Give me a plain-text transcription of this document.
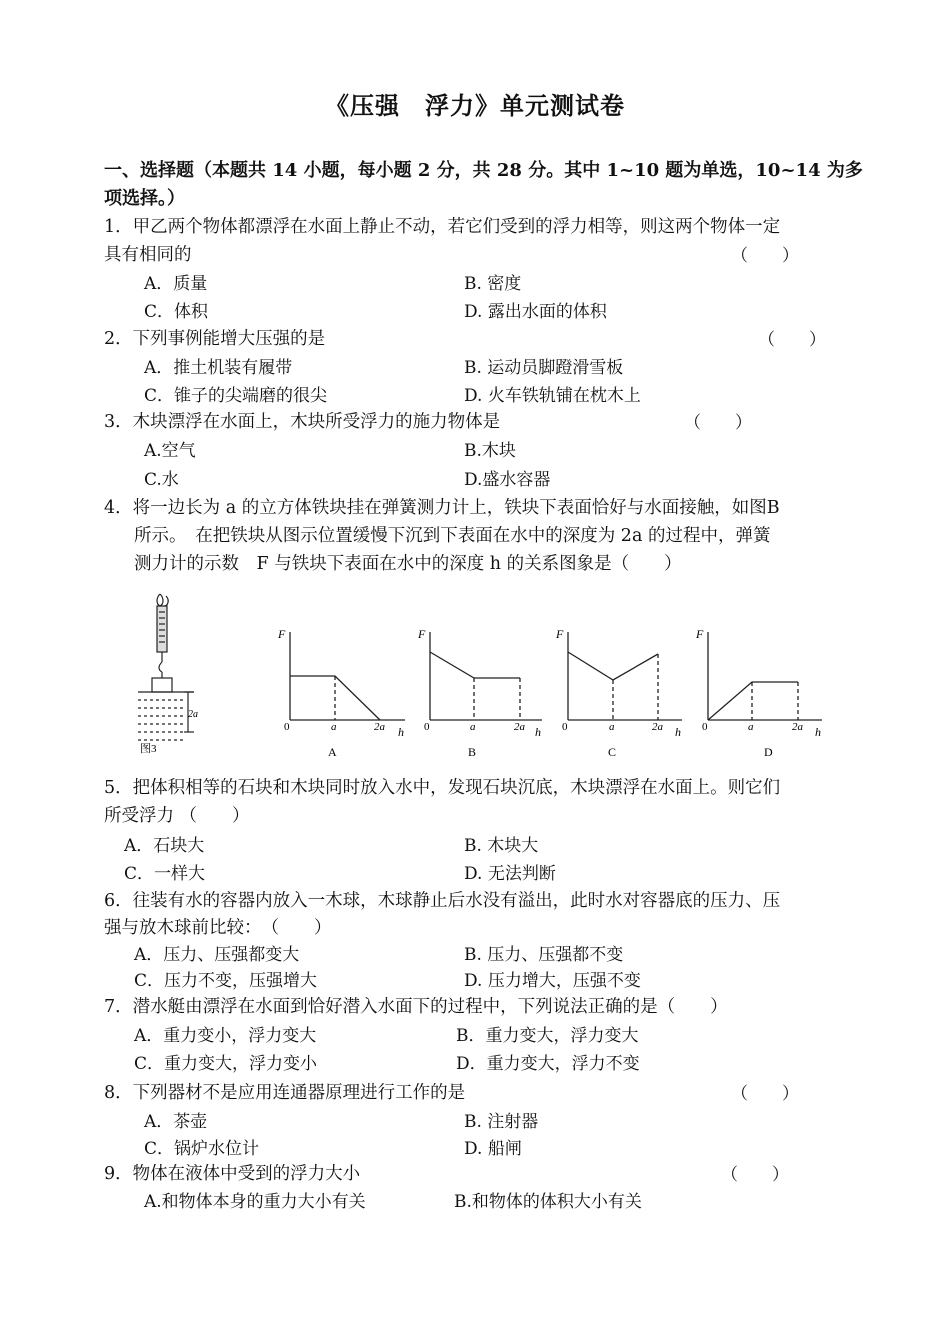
《压强　浮力》单元测试卷
一、选择题（本题共 14 小题，每小题 2 分，共 28 分。其中 1~10 题为单选，10~14 为多
项选择。）
1．甲乙两个物体都漂浮在水面上静止不动，若它们受到的浮力相等，则这两个物体一定
具有相同的	（　　）
A．质量	B. 密度
C．体积	D. 露出水面的体积
2．下列事例能增大压强的是	（　　）
A．推土机装有履带	B. 运动员脚蹬滑雪板
C．锥子的尖端磨的很尖	D. 火车铁轨铺在枕木上
3．木块漂浮在水面上，木块所受浮力的施力物体是	（　　）
A.空气	B.木块
C.水	D.盛水容器
4．将一边长为 a 的立方体铁块挂在弹簧测力计上，铁块下表面恰好与水面接触，如图B
所示。　在把铁块从图示位置缓慢下沉到下表面在水中的深度为 2a 的过程中，弹簧
测力计的示数　F 与铁块下表面在水中的深度 h 的关系图象是（　　）
2a
图3
F
h
0	a	2a
A
F
h
0	a	2a
B
F
h
0	a	2a
C
F
h
0	a	2a
D
5．把体积相等的石块和木块同时放入水中，发现石块沉底，木块漂浮在水面上。则它们
所受浮力 （　　）
A．石块大	B. 木块大
C．一样大	D. 无法判断
6．往装有水的容器内放入一木球，木球静止后水没有溢出，此时水对容器底的压力、压
强与放木球前比较：　（　　）
A．压力、压强都变大	B. 压力、压强都不变
C．压力不变，压强增大	D. 压力增大，压强不变
7．潜水艇由漂浮在水面到恰好潜入水面下的过程中，下列说法正确的是（　　）
A．重力变小，浮力变大	B．重力变大，浮力变大
C．重力变大，浮力变小	D．重力变大，浮力不变
8．下列器材不是应用连通器原理进行工作的是	（　　）
A．茶壶	B. 注射器
C．锅炉水位计	D. 船闸
9．物体在液体中受到的浮力大小	（　　）
A.和物体本身的重力大小有关	B.和物体的体积大小有关
